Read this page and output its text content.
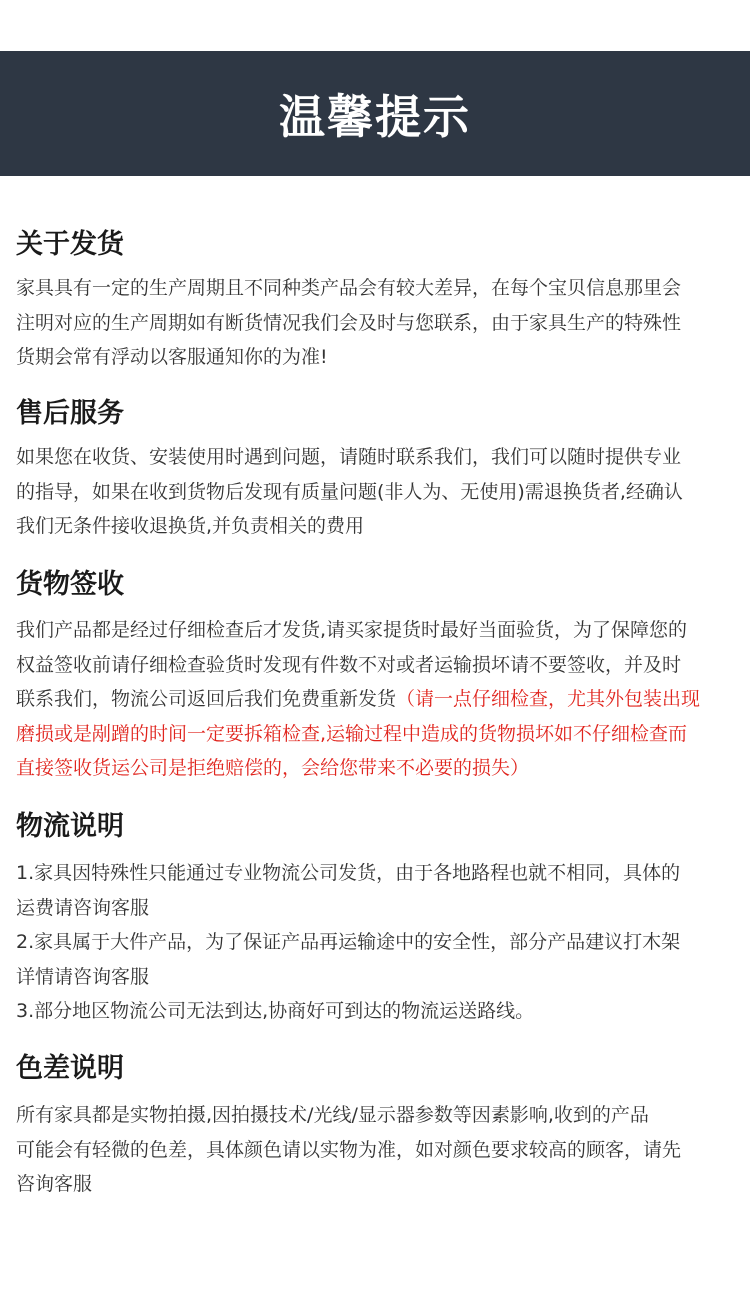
温馨提示
关于发货

家具具有一定的生产周期且不同种类产品会有较大差异，在每个宝贝信息那里会
注明对应的生产周期如有断货情况我们会及时与您联系，由于家具生产的特殊性
货期会常有浮动以客服通知你的为准!

售后服务

如果您在收货、安装使用时遇到问题，请随时联系我们，我们可以随时提供专业
的指导，如果在收到货物后发现有质量问题(非人为、无使用)需退换货者,经确认
我们无条件接收退换货,并负责相关的费用

货物签收

我们产品都是经过仔细检查后才发货,请买家提货时最好当面验货，为了保障您的
权益签收前请仔细检查验货时发现有件数不对或者运输损坏请不要签收，并及时
联系我们，物流公司返回后我们免费重新发货（请一点仔细检查，尤其外包装出现
磨损或是剐蹭的时间一定要拆箱检查,运输过程中造成的货物损坏如不仔细检查而
直接签收货运公司是拒绝赔偿的，会给您带来不必要的损失）

物流说明

1.家具因特殊性只能通过专业物流公司发货，由于各地路程也就不相同，具体的
运费请咨询客服
2.家具属于大件产品，为了保证产品再运输途中的安全性，部分产品建议打木架
详情请咨询客服
3.部分地区物流公司无法到达,协商好可到达的物流运送路线。

色差说明

所有家具都是实物拍摄,因拍摄技术/光线/显示器参数等因素影响,收到的产品
可能会有轻微的色差，具体颜色请以实物为准，如对颜色要求较高的顾客，请先
咨询客服
